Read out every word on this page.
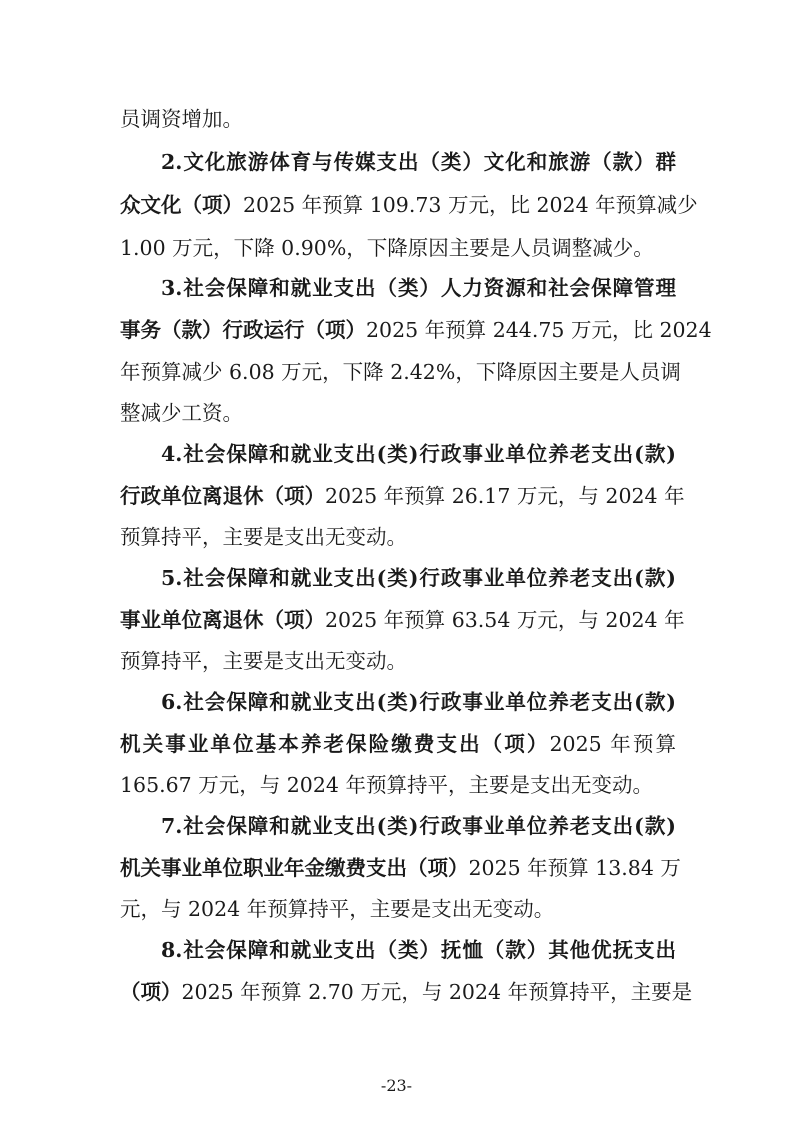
员调资增加。
2.文化旅游体育与传媒支出（类）文化和旅游（款）群
众文化（项）2025 年预算 109.73 万元，比 2024 年预算减少
1.00 万元，下降 0.90%，下降原因主要是人员调整减少。
3.社会保障和就业支出（类）人力资源和社会保障管理
事务（款）行政运行（项）2025 年预算 244.75 万元，比 2024
年预算减少 6.08 万元，下降 2.42%，下降原因主要是人员调
整减少工资。
4.社会保障和就业支出(类)行政事业单位养老支出(款)
行政单位离退休（项）2025 年预算 26.17 万元，与 2024 年
预算持平，主要是支出无变动。
5.社会保障和就业支出(类)行政事业单位养老支出(款)
事业单位离退休（项）2025 年预算 63.54 万元，与 2024 年
预算持平，主要是支出无变动。
6.社会保障和就业支出(类)行政事业单位养老支出(款)
机关事业单位基本养老保险缴费支出（项）2025 年预算
165.67 万元，与 2024 年预算持平，主要是支出无变动。
7.社会保障和就业支出(类)行政事业单位养老支出(款)
机关事业单位职业年金缴费支出（项）2025 年预算 13.84 万
元，与 2024 年预算持平，主要是支出无变动。
8.社会保障和就业支出（类）抚恤（款）其他优抚支出
（项）2025 年预算 2.70 万元，与 2024 年预算持平，主要是
-23-
